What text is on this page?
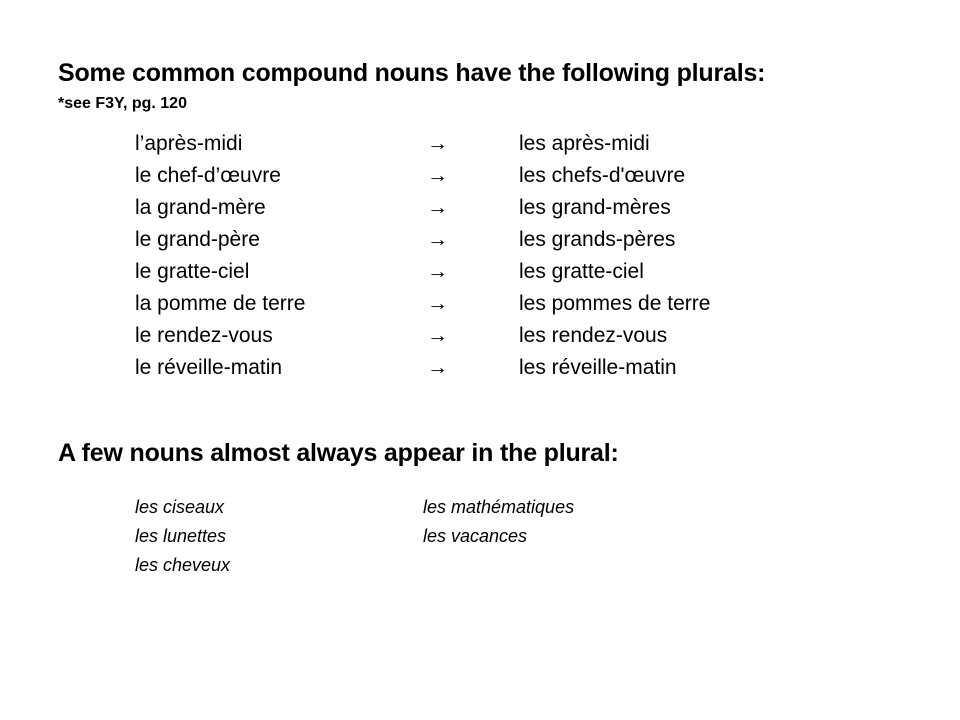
Some common compound nouns have the following plurals:
*see F3Y, pg. 120
l’après-midi	→	les après-midi
le chef-d’œuvre	→	les chefs-d'œuvre
la grand-mère	→	les grand-mères
le grand-père	→	les grands-pères
le gratte-ciel	→	les gratte-ciel
la pomme de terre	→	les pommes de terre
le rendez-vous	→	les rendez-vous
le réveille-matin	→	les réveille-matin
A few nouns almost always appear in the plural:
les ciseaux
les lunettes
les cheveux
les mathématiques
les vacances
